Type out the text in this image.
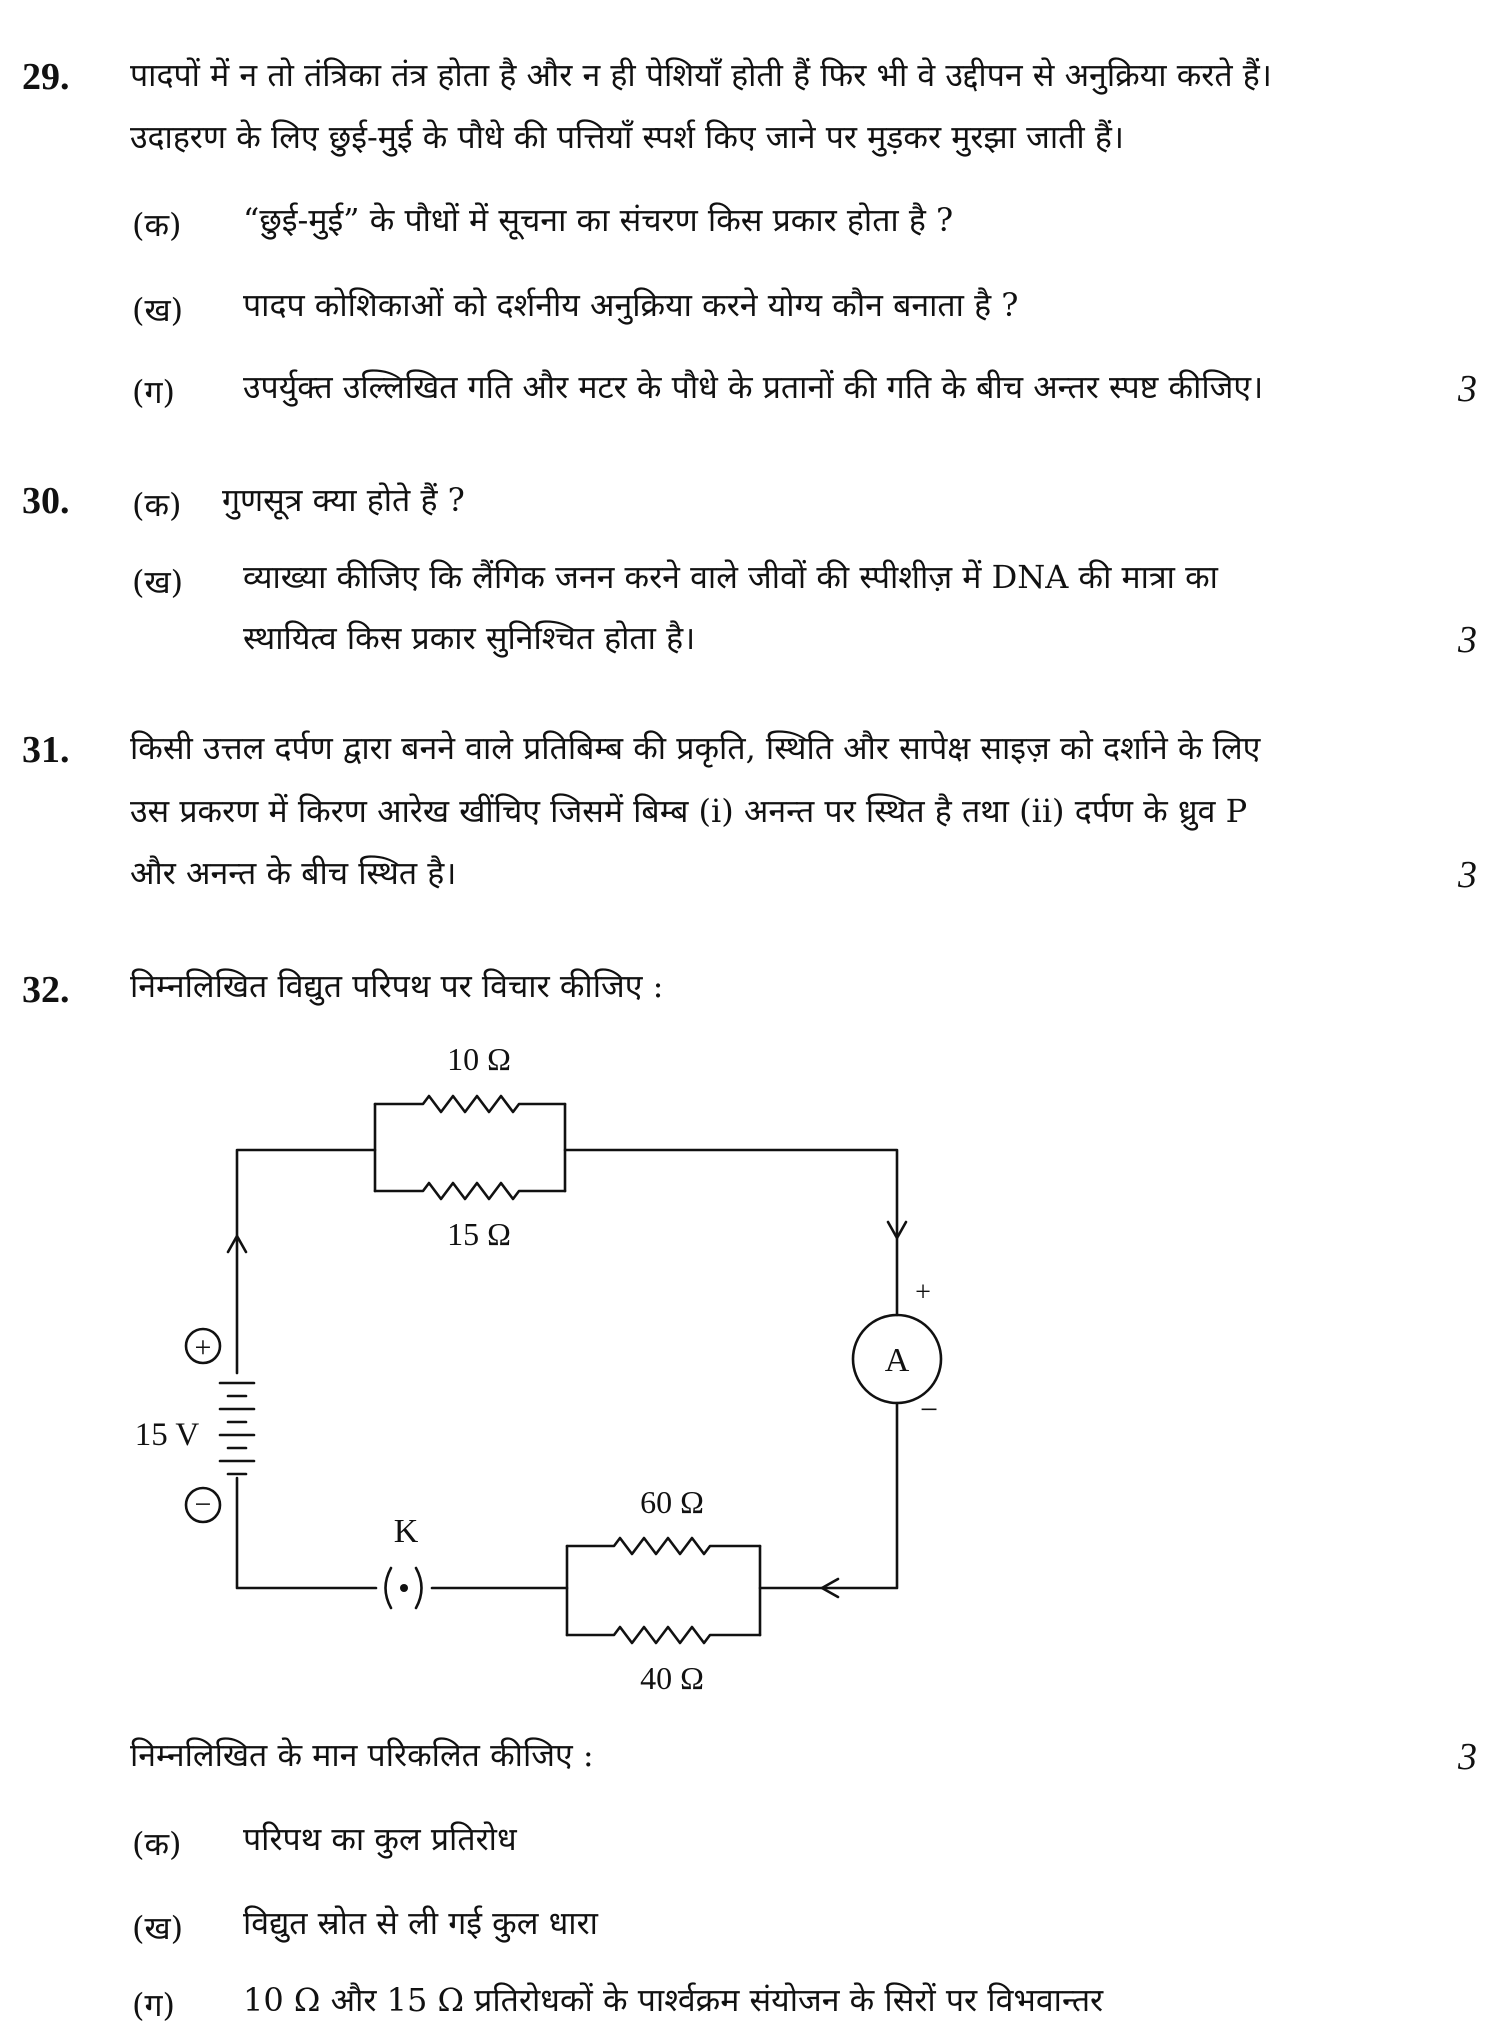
29. पादपों में न तो तंत्रिका तंत्र होता है और न ही पेशियाँ होती हैं फिर भी वे उद्दीपन से अनुक्रिया करते हैं।
उदाहरण के लिए छुई-मुई के पौधे की पत्तियाँ स्पर्श किए जाने पर मुड़कर मुरझा जाती हैं।
(क) “छुई-मुई” के पौधों में सूचना का संचरण किस प्रकार होता है ?
(ख) पादप कोशिकाओं को दर्शनीय अनुक्रिया करने योग्य कौन बनाता है ?
(ग) उपर्युक्त उल्लिखित गति और मटर के पौधे के प्रतानों की गति के बीच अन्तर स्पष्ट कीजिए।	3
30. (क) गुणसूत्र क्या होते हैं ?
(ख) व्याख्या कीजिए कि लैंगिक जनन करने वाले जीवों की स्पीशीज़ में DNA की मात्रा का
स्थायित्व किस प्रकार सुनिश्चित होता है।	3
31. किसी उत्तल दर्पण द्वारा बनने वाले प्रतिबिम्ब की प्रकृति, स्थिति और सापेक्ष साइज़ को दर्शाने के लिए
उस प्रकरण में किरण आरेख खींचिए जिसमें बिम्ब (i) अनन्त पर स्थित है तथा (ii) दर्पण के ध्रुव P
और अनन्त के बीच स्थित है।	3
32. निम्नलिखित विद्युत परिपथ पर विचार कीजिए :
10 Ω
15 Ω
60 Ω
40 Ω
15 V
+
−
K
A
+
−
निम्नलिखित के मान परिकलित कीजिए :	3
(क) परिपथ का कुल प्रतिरोध
(ख) विद्युत स्रोत से ली गई कुल धारा
(ग) 10 Ω और 15 Ω प्रतिरोधकों के पार्श्वक्रम संयोजन के सिरों पर विभवान्तर
